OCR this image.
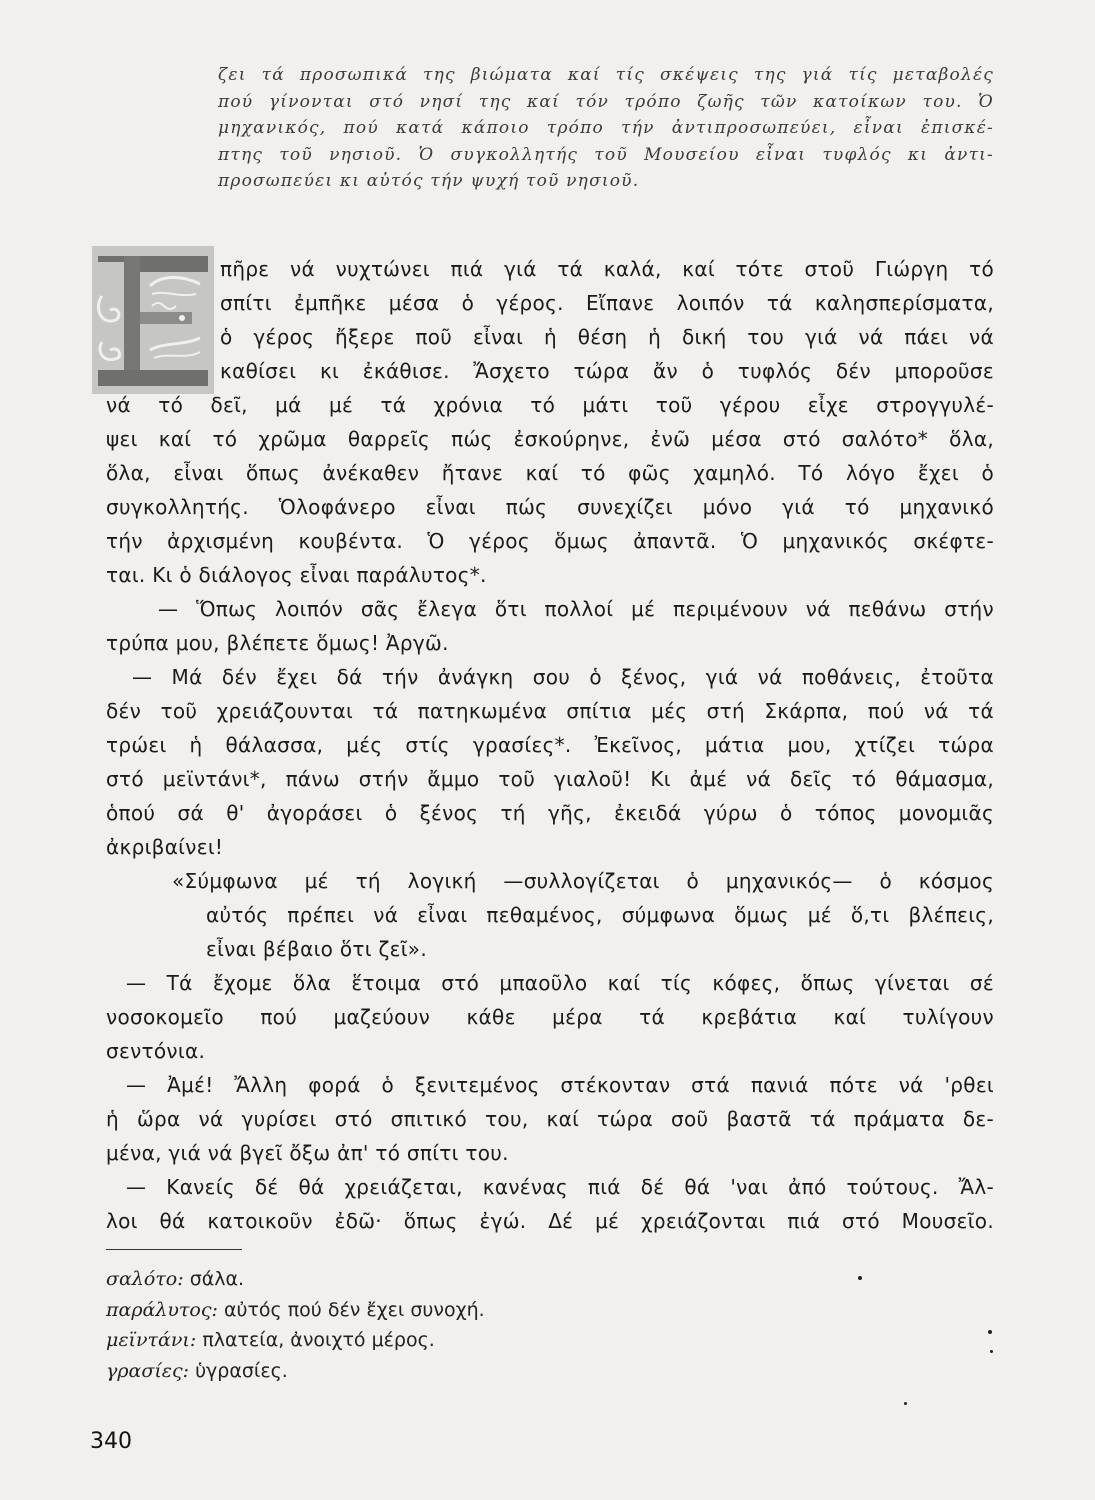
ζει τά προσωπικά της βιώματα καί τίς σκέψεις της γιά τίς μεταβολές
πού γίνονται στό νησί της καί τόν τρόπο ζωῆς τῶν κατοίκων του. Ὁ
μηχανικός, πού κατά κάποιο τρόπο τήν ἀντιπροσωπεύει, εἶναι ἐπισκέ-
πτης τοῦ νησιοῦ. Ὁ συγκολλητής τοῦ Μουσείου εἶναι τυφλός κι ἀντι-
προσωπεύει κι αὐτός τήν ψυχή τοῦ νησιοῦ.
πῆρε νά νυχτώνει πιά γιά τά καλά, καί τότε στοῦ Γιώργη τό
σπίτι ἐμπῆκε μέσα ὁ γέρος. Εἴπανε λοιπόν τά καλησπερίσματα,
ὁ γέρος ἤξερε ποῦ εἶναι ἡ θέση ἡ δική του γιά νά πάει νά
καθίσει κι ἐκάθισε. Ἄσχετο τώρα ἄν ὁ τυφλός δέν μποροῦσε
νά τό δεῖ, μά μέ τά χρόνια τό μάτι τοῦ γέρου εἶχε στρογγυλέ-
ψει καί τό χρῶμα θαρρεῖς πώς ἐσκούρηνε, ἐνῶ μέσα στό σαλότο* ὅλα,
ὅλα, εἶναι ὅπως ἀνέκαθεν ἤτανε καί τό φῶς χαμηλό. Τό λόγο ἔχει ὁ
συγκολλητής. Ὁλοφάνερο εἶναι πώς συνεχίζει μόνο γιά τό μηχανικό
τήν ἀρχισμένη κουβέντα. Ὁ γέρος ὅμως ἀπαντᾶ. Ὁ μηχανικός σκέφτε-
ται. Κι ὁ διάλογος εἶναι παράλυτος*.
— Ὅπως λοιπόν σᾶς ἔλεγα ὅτι πολλοί μέ περιμένουν νά πεθάνω στήν
τρύπα μου, βλέπετε ὅμως! Ἀργῶ.
— Μά δέν ἔχει δά τήν ἀνάγκη σου ὁ ξένος, γιά νά ποθάνεις, ἐτοῦτα
δέν τοῦ χρειάζουνται τά πατηκωμένα σπίτια μές στή Σκάρπα, πού νά τά
τρώει ἡ θάλασσα, μές στίς γρασίες*. Ἐκεῖνος, μάτια μου, χτίζει τώρα
στό μεϊντάνι*, πάνω στήν ἄμμο τοῦ γιαλοῦ! Κι ἀμέ νά δεῖς τό θάμασμα,
ὁπού σά θ' ἀγοράσει ὁ ξένος τή γῆς, ἐκειδά γύρω ὁ τόπος μονομιᾶς
ἀκριβαίνει!
«Σύμφωνα μέ τή λογική —συλλογίζεται ὁ μηχανικός— ὁ κόσμος
αὐτός πρέπει νά εἶναι πεθαμένος, σύμφωνα ὅμως μέ ὅ,τι βλέπεις,
εἶναι βέβαιο ὅτι ζεῖ».
— Τά ἔχομε ὅλα ἕτοιμα στό μπαοῦλο καί τίς κόφες, ὅπως γίνεται σέ
νοσοκομεῖο πού μαζεύουν κάθε μέρα τά κρεβάτια καί τυλίγουν
σεντόνια.
— Ἀμέ! Ἄλλη φορά ὁ ξενιτεμένος στέκονταν στά πανιά πότε νά 'ρθει
ἡ ὥρα νά γυρίσει στό σπιτικό του, καί τώρα σοῦ βαστᾶ τά πράματα δε-
μένα, γιά νά βγεῖ ὄξω ἀπ' τό σπίτι του.
— Κανείς δέ θά χρειάζεται, κανένας πιά δέ θά 'ναι ἀπό τούτους. Ἄλ-
λοι θά κατοικοῦν ἐδῶ· ὅπως ἐγώ. Δέ μέ χρειάζονται πιά στό Μουσεῖο.
σαλότο: σάλα.
παράλυτος: αὐτός πού δέν ἔχει συνοχή.
μεϊντάνι: πλατεία, ἀνοιχτό μέρος.
γρασίες: ὑγρασίες.
340
